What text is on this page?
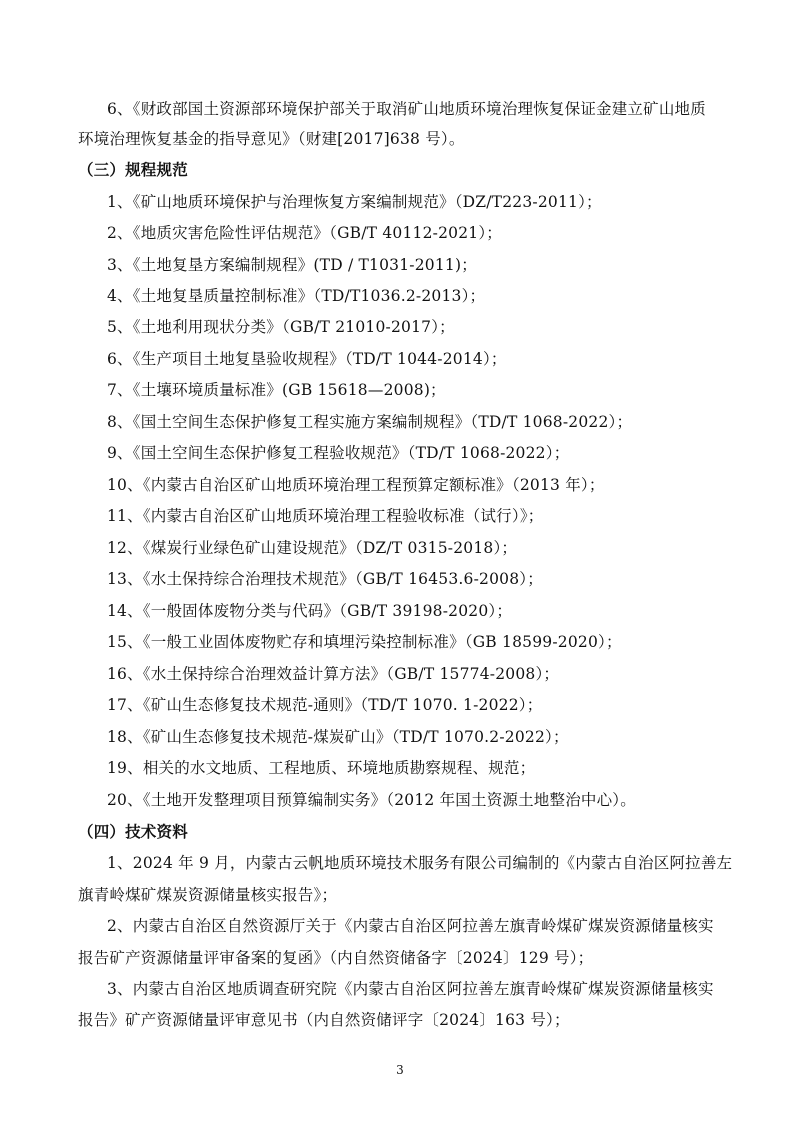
6、《财政部国土资源部环境保护部关于取消矿山地质环境治理恢复保证金建立矿山地质
环境治理恢复基金的指导意见》（财建[2017]638 号）。
（三）规程规范
1、《矿山地质环境保护与治理恢复方案编制规范》（DZ/T223-2011）；
2、《地质灾害危险性评估规范》（GB/T 40112-2021）；
3、《土地复垦方案编制规程》(TD / T1031-2011)；
4、《土地复垦质量控制标准》（TD/T1036.2-2013）；
5、《土地利用现状分类》（GB/T 21010-2017）；
6、《生产项目土地复垦验收规程》（TD/T 1044-2014）；
7、《土壤环境质量标准》(GB 15618—2008)；
8、《国土空间生态保护修复工程实施方案编制规程》（TD/T 1068-2022）；
9、《国土空间生态保护修复工程验收规范》（TD/T 1068-2022）；
10、《内蒙古自治区矿山地质环境治理工程预算定额标准》（2013 年）；
11、《内蒙古自治区矿山地质环境治理工程验收标准（试行）》；
12、《煤炭行业绿色矿山建设规范》（DZ/T 0315-2018）；
13、《水土保持综合治理技术规范》（GB/T 16453.6-2008）；
14、《一般固体废物分类与代码》（GB/T 39198-2020）；
15、《一般工业固体废物贮存和填埋污染控制标准》（GB 18599-2020）；
16、《水土保持综合治理效益计算方法》（GB/T 15774-2008）；
17、《矿山生态修复技术规范-通则》（TD/T 1070. 1-2022）；
18、《矿山生态修复技术规范-煤炭矿山》（TD/T 1070.2-2022）；
19、相关的水文地质、工程地质、环境地质勘察规程、规范；
20、《土地开发整理项目预算编制实务》（2012 年国土资源土地整治中心）。
（四）技术资料
1、2024 年 9 月，内蒙古云帆地质环境技术服务有限公司编制的《内蒙古自治区阿拉善左
旗青岭煤矿煤炭资源储量核实报告》；
2、内蒙古自治区自然资源厅关于《内蒙古自治区阿拉善左旗青岭煤矿煤炭资源储量核实
报告矿产资源储量评审备案的复函》（内自然资储备字〔2024〕129 号）；
3、内蒙古自治区地质调查研究院《内蒙古自治区阿拉善左旗青岭煤矿煤炭资源储量核实
报告》矿产资源储量评审意见书（内自然资储评字〔2024〕163 号）；
3
